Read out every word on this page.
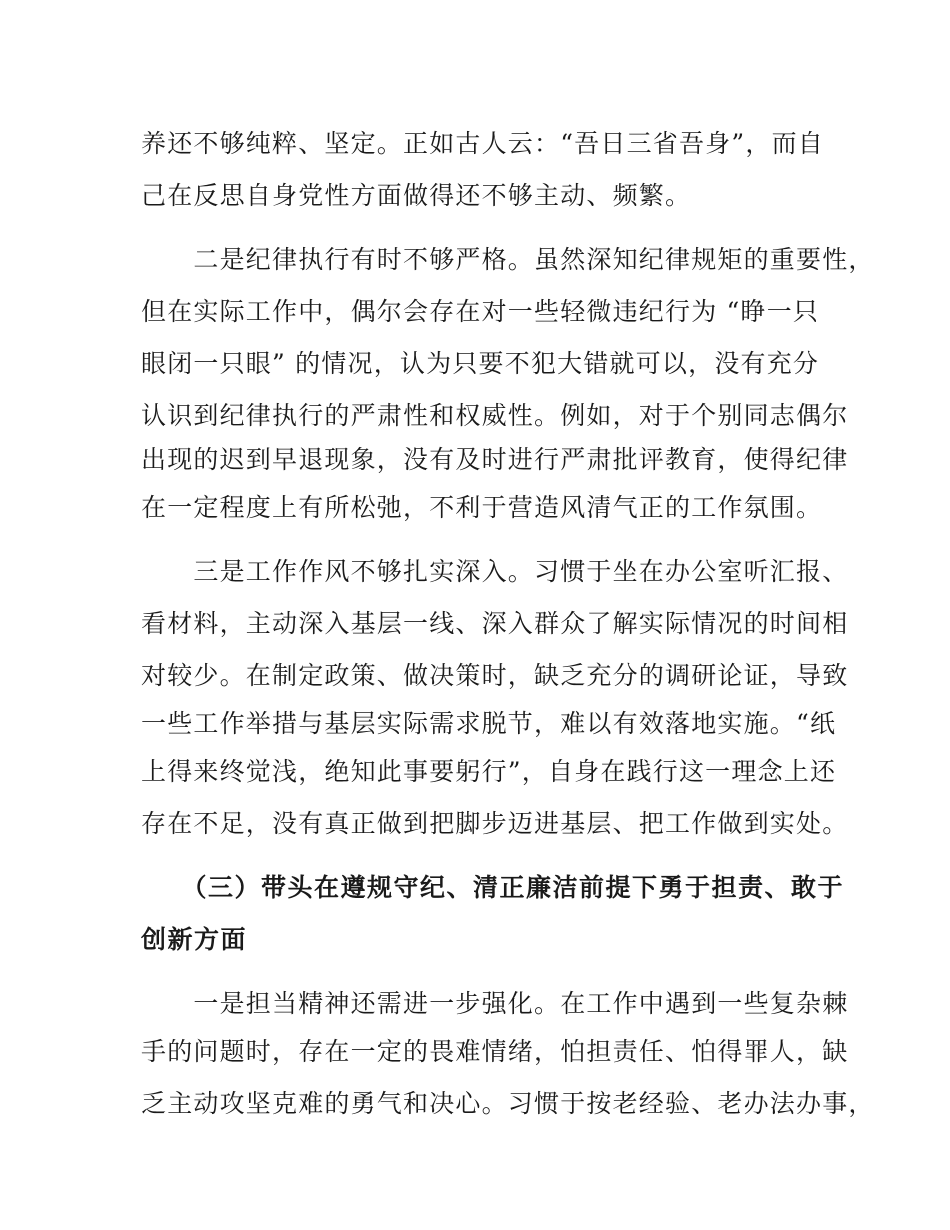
养还不够纯粹、坚定。正如古人云：“吾日三省吾身”，而自

己在反思自身党性方面做得还不够主动、频繁。

　　二是纪律执行有时不够严格。虽然深知纪律规矩的重要性，

但在实际工作中，偶尔会存在对一些轻微违纪行为 “睁一只

眼闭一只眼” 的情况，认为只要不犯大错就可以，没有充分

认识到纪律执行的严肃性和权威性。例如，对于个别同志偶尔

出现的迟到早退现象，没有及时进行严肃批评教育，使得纪律

在一定程度上有所松弛，不利于营造风清气正的工作氛围。

　　三是工作作风不够扎实深入。习惯于坐在办公室听汇报、

看材料，主动深入基层一线、深入群众了解实际情况的时间相

对较少。在制定政策、做决策时，缺乏充分的调研论证，导致

一些工作举措与基层实际需求脱节，难以有效落地实施。“纸

上得来终觉浅，绝知此事要躬行”，自身在践行这一理念上还

存在不足，没有真正做到把脚步迈进基层、把工作做到实处。

　　（三）带头在遵规守纪、清正廉洁前提下勇于担责、敢于

创新方面

　　一是担当精神还需进一步强化。在工作中遇到一些复杂棘

手的问题时，存在一定的畏难情绪，怕担责任、怕得罪人，缺

乏主动攻坚克难的勇气和决心。习惯于按老经验、老办法办事，
